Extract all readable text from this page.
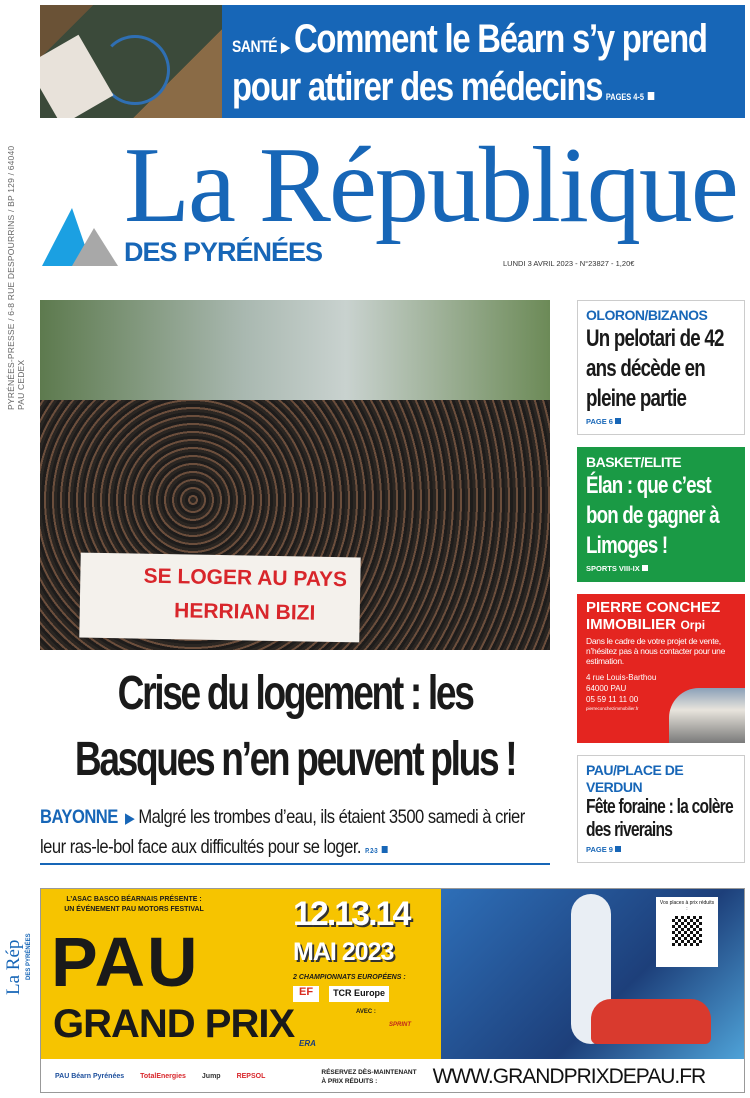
SANTÉ ▶ Comment le Béarn s’y prend
pour attirer des médecins PAGES 4-5
PYRÉNÉES-PRESSE / 6-8 RUE DESPOURRINS / BP 129 / 64040 PAU CEDEX
La République
DES PYRÉNÉES	LUNDI 3 AVRIL 2023 - N°23827 - 1,20€
SE LOGER AU PAYS
HERRIAN BIZI
Crise du logement : les
Basques n’en peuvent plus !
BAYONNE  ▶ Malgré les trombes d’eau, ils étaient 3500 samedi à crier leur ras-le-bol face aux difficultés pour se loger. P. 2-3
OLORON/BIZANOS
Un pelotari de 42 ans décède en pleine partie
PAGE 6
BASKET/ELITE
Élan : que c’est bon de gagner à Limoges !
SPORTS VIII-IX
PIERRE CONCHEZ
IMMOBILIER Orpi
Dans le cadre de votre projet de vente, n’hésitez pas à nous contacter pour une estimation.
4 rue Louis-Barthou
64000 PAU
05 59 11 11 00
pierreconchezimmobilier.fr
PAU/PLACE DE VERDUN
Fête foraine : la colère des riverains
PAGE 9
La Rép DES PYRÉNÉES
L’ASAC BASCO BÉARNAIS PRÉSENTE :
UN ÉVÉNEMENT PAU MOTORS FESTIVAL
PAU
GRAND PRIX
12.13.14
MAI 2023
2 CHAMPIONNATS EUROPÉENS :
EF	TCR Europe
AVEC :
ERA
SPRINT
Vos places à prix réduits :
PAU Béarn Pyrénées TotalEnergies Jump REPSOL
RÉSERVEZ DÈS-MAINTENANT
À PRIX RÉDUITS :	WWW.GRANDPRIXDEPAU.FR
